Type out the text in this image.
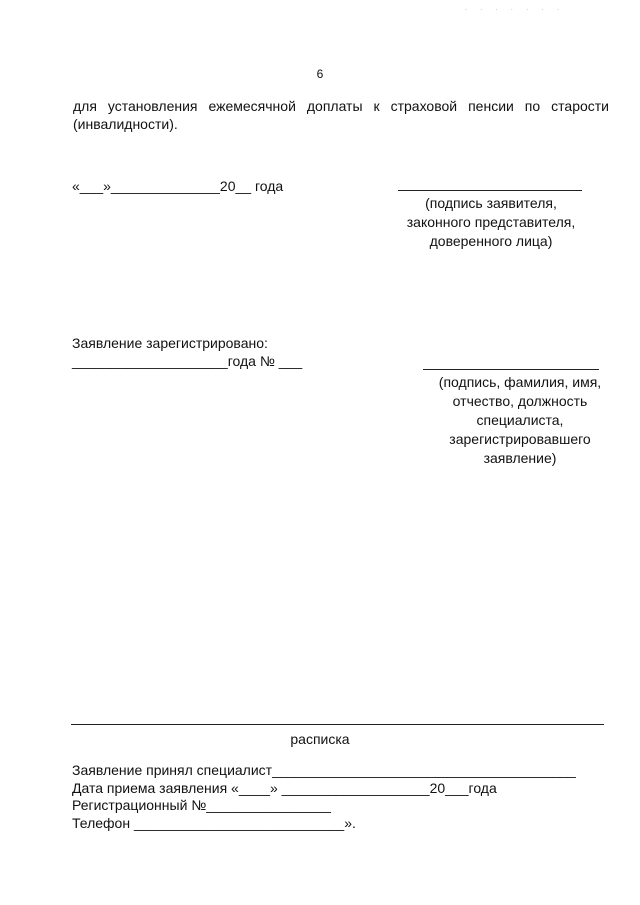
. . . . . . .
6
для установления ежемесячной доплаты к страховой пенсии по старости (инвалидности).
«___»______________20__ года
(подпись заявителя, законного представителя, доверенного лица)
Заявление зарегистрировано:
____________________года № ___
(подпись, фамилия, имя, отчество, должность специалиста, зарегистрировавшего заявление)
расписка
Заявление принял специалист_______________________________________
Дата приема заявления «____» ___________________20___года
Регистрационный №________________
Телефон ___________________________».
